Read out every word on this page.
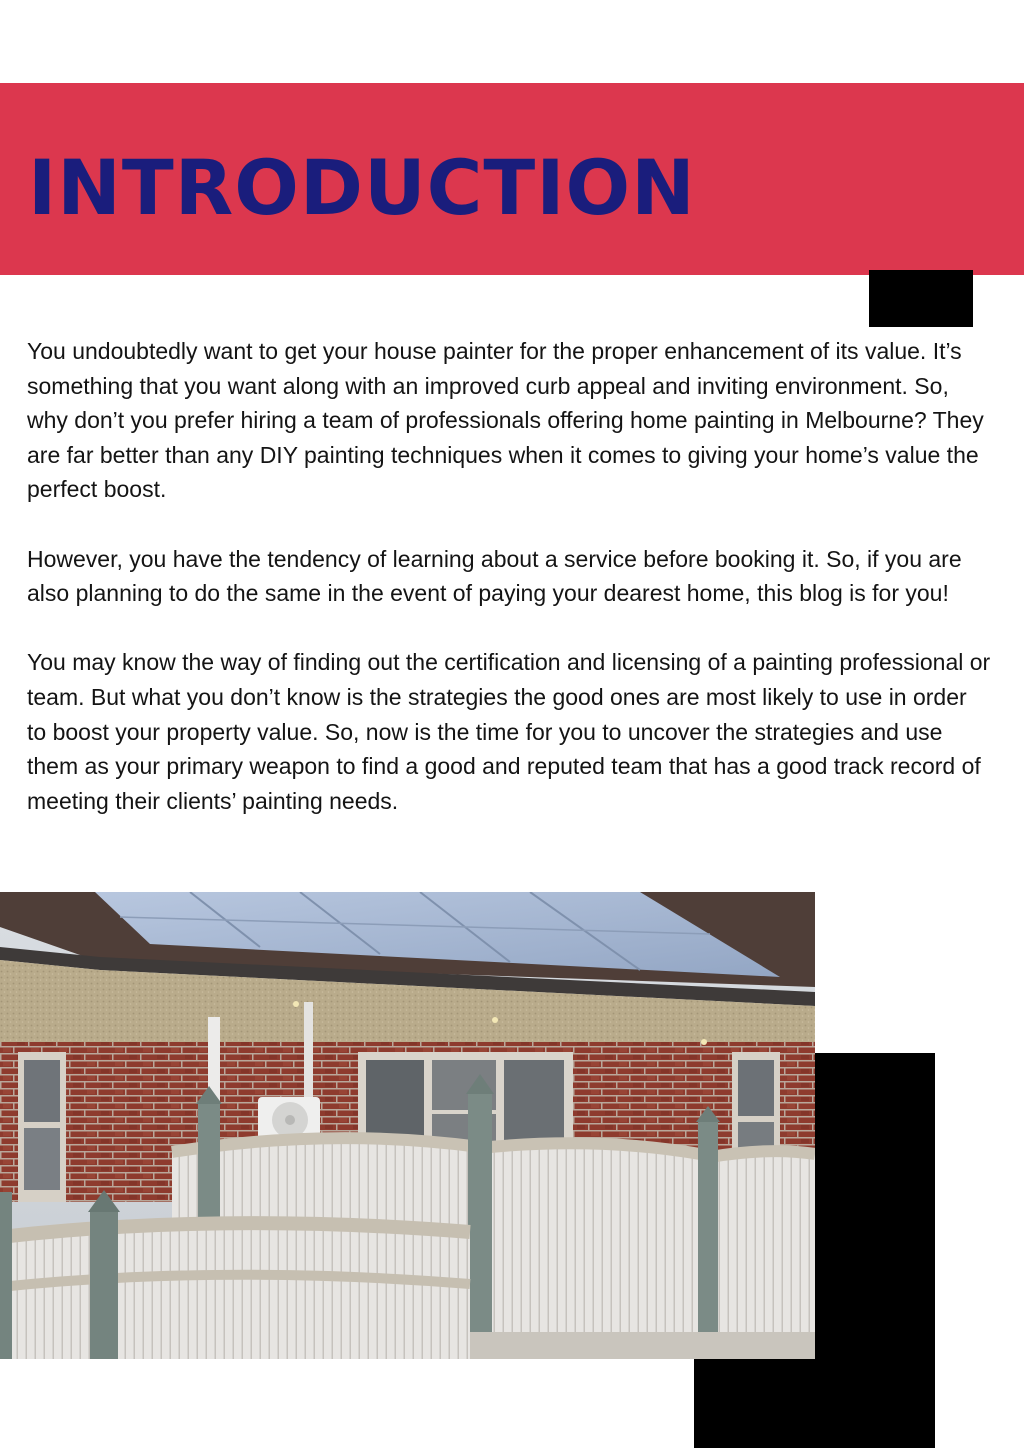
INTRODUCTION

You undoubtedly want to get your house painter for the proper enhancement of its value. It’s something that you want along with an improved curb appeal and inviting environment. So, why don’t you prefer hiring a team of professionals offering home painting in Melbourne? They are far better than any DIY painting techniques when it comes to giving your home’s value the perfect boost.

However, you have the tendency of learning about a service before booking it. So, if you are also planning to do the same in the event of paying your dearest home, this blog is for you!

You may know the way of finding out the certification and licensing of a painting professional or team. But what you don’t know is the strategies the good ones are most likely to use in order to boost your property value. So, now is the time for you to uncover the strategies and use them as your primary weapon to find a good and reputed team that has a good track record of meeting their clients’ painting needs.
